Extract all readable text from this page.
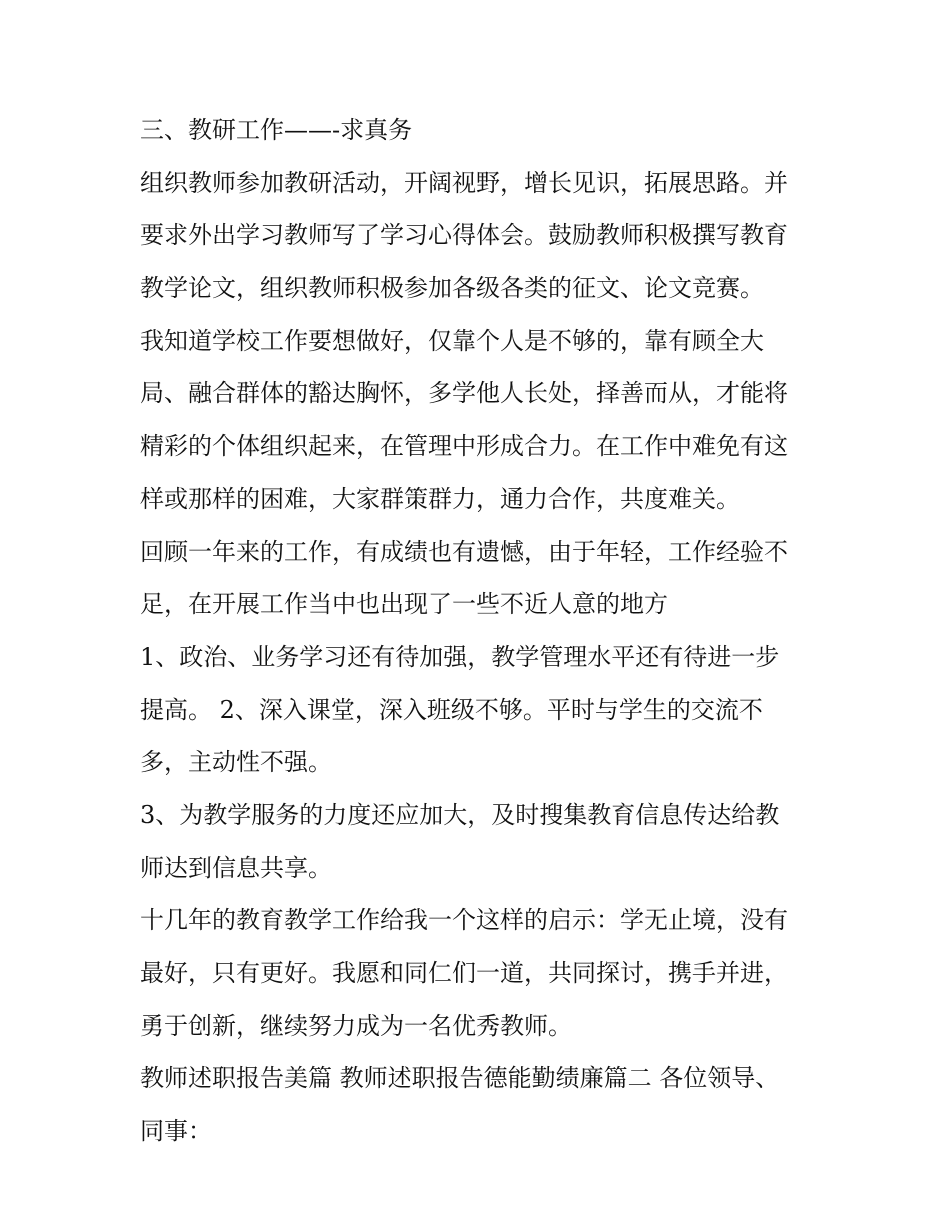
三、教研工作——-求真务
组织教师参加教研活动，开阔视野，增长见识，拓展思路。并
要求外出学习教师写了学习心得体会。鼓励教师积极撰写教育
教学论文，组织教师积极参加各级各类的征文、论文竞赛。
我知道学校工作要想做好，仅靠个人是不够的，靠有顾全大
局、融合群体的豁达胸怀，多学他人长处，择善而从，才能将
精彩的个体组织起来，在管理中形成合力。在工作中难免有这
样或那样的困难，大家群策群力，通力合作，共度难关。
回顾一年来的工作，有成绩也有遗憾，由于年轻，工作经验不
足，在开展工作当中也出现了一些不近人意的地方
1、政治、业务学习还有待加强，教学管理水平还有待进一步
提高。 2、深入课堂，深入班级不够。平时与学生的交流不
多，主动性不强。
3、为教学服务的力度还应加大，及时搜集教育信息传达给教
师达到信息共享。
十几年的教育教学工作给我一个这样的启示：学无止境，没有
最好，只有更好。我愿和同仁们一道，共同探讨，携手并进，
勇于创新，继续努力成为一名优秀教师。
教师述职报告美篇 教师述职报告德能勤绩廉篇二 各位领导、
同事：
